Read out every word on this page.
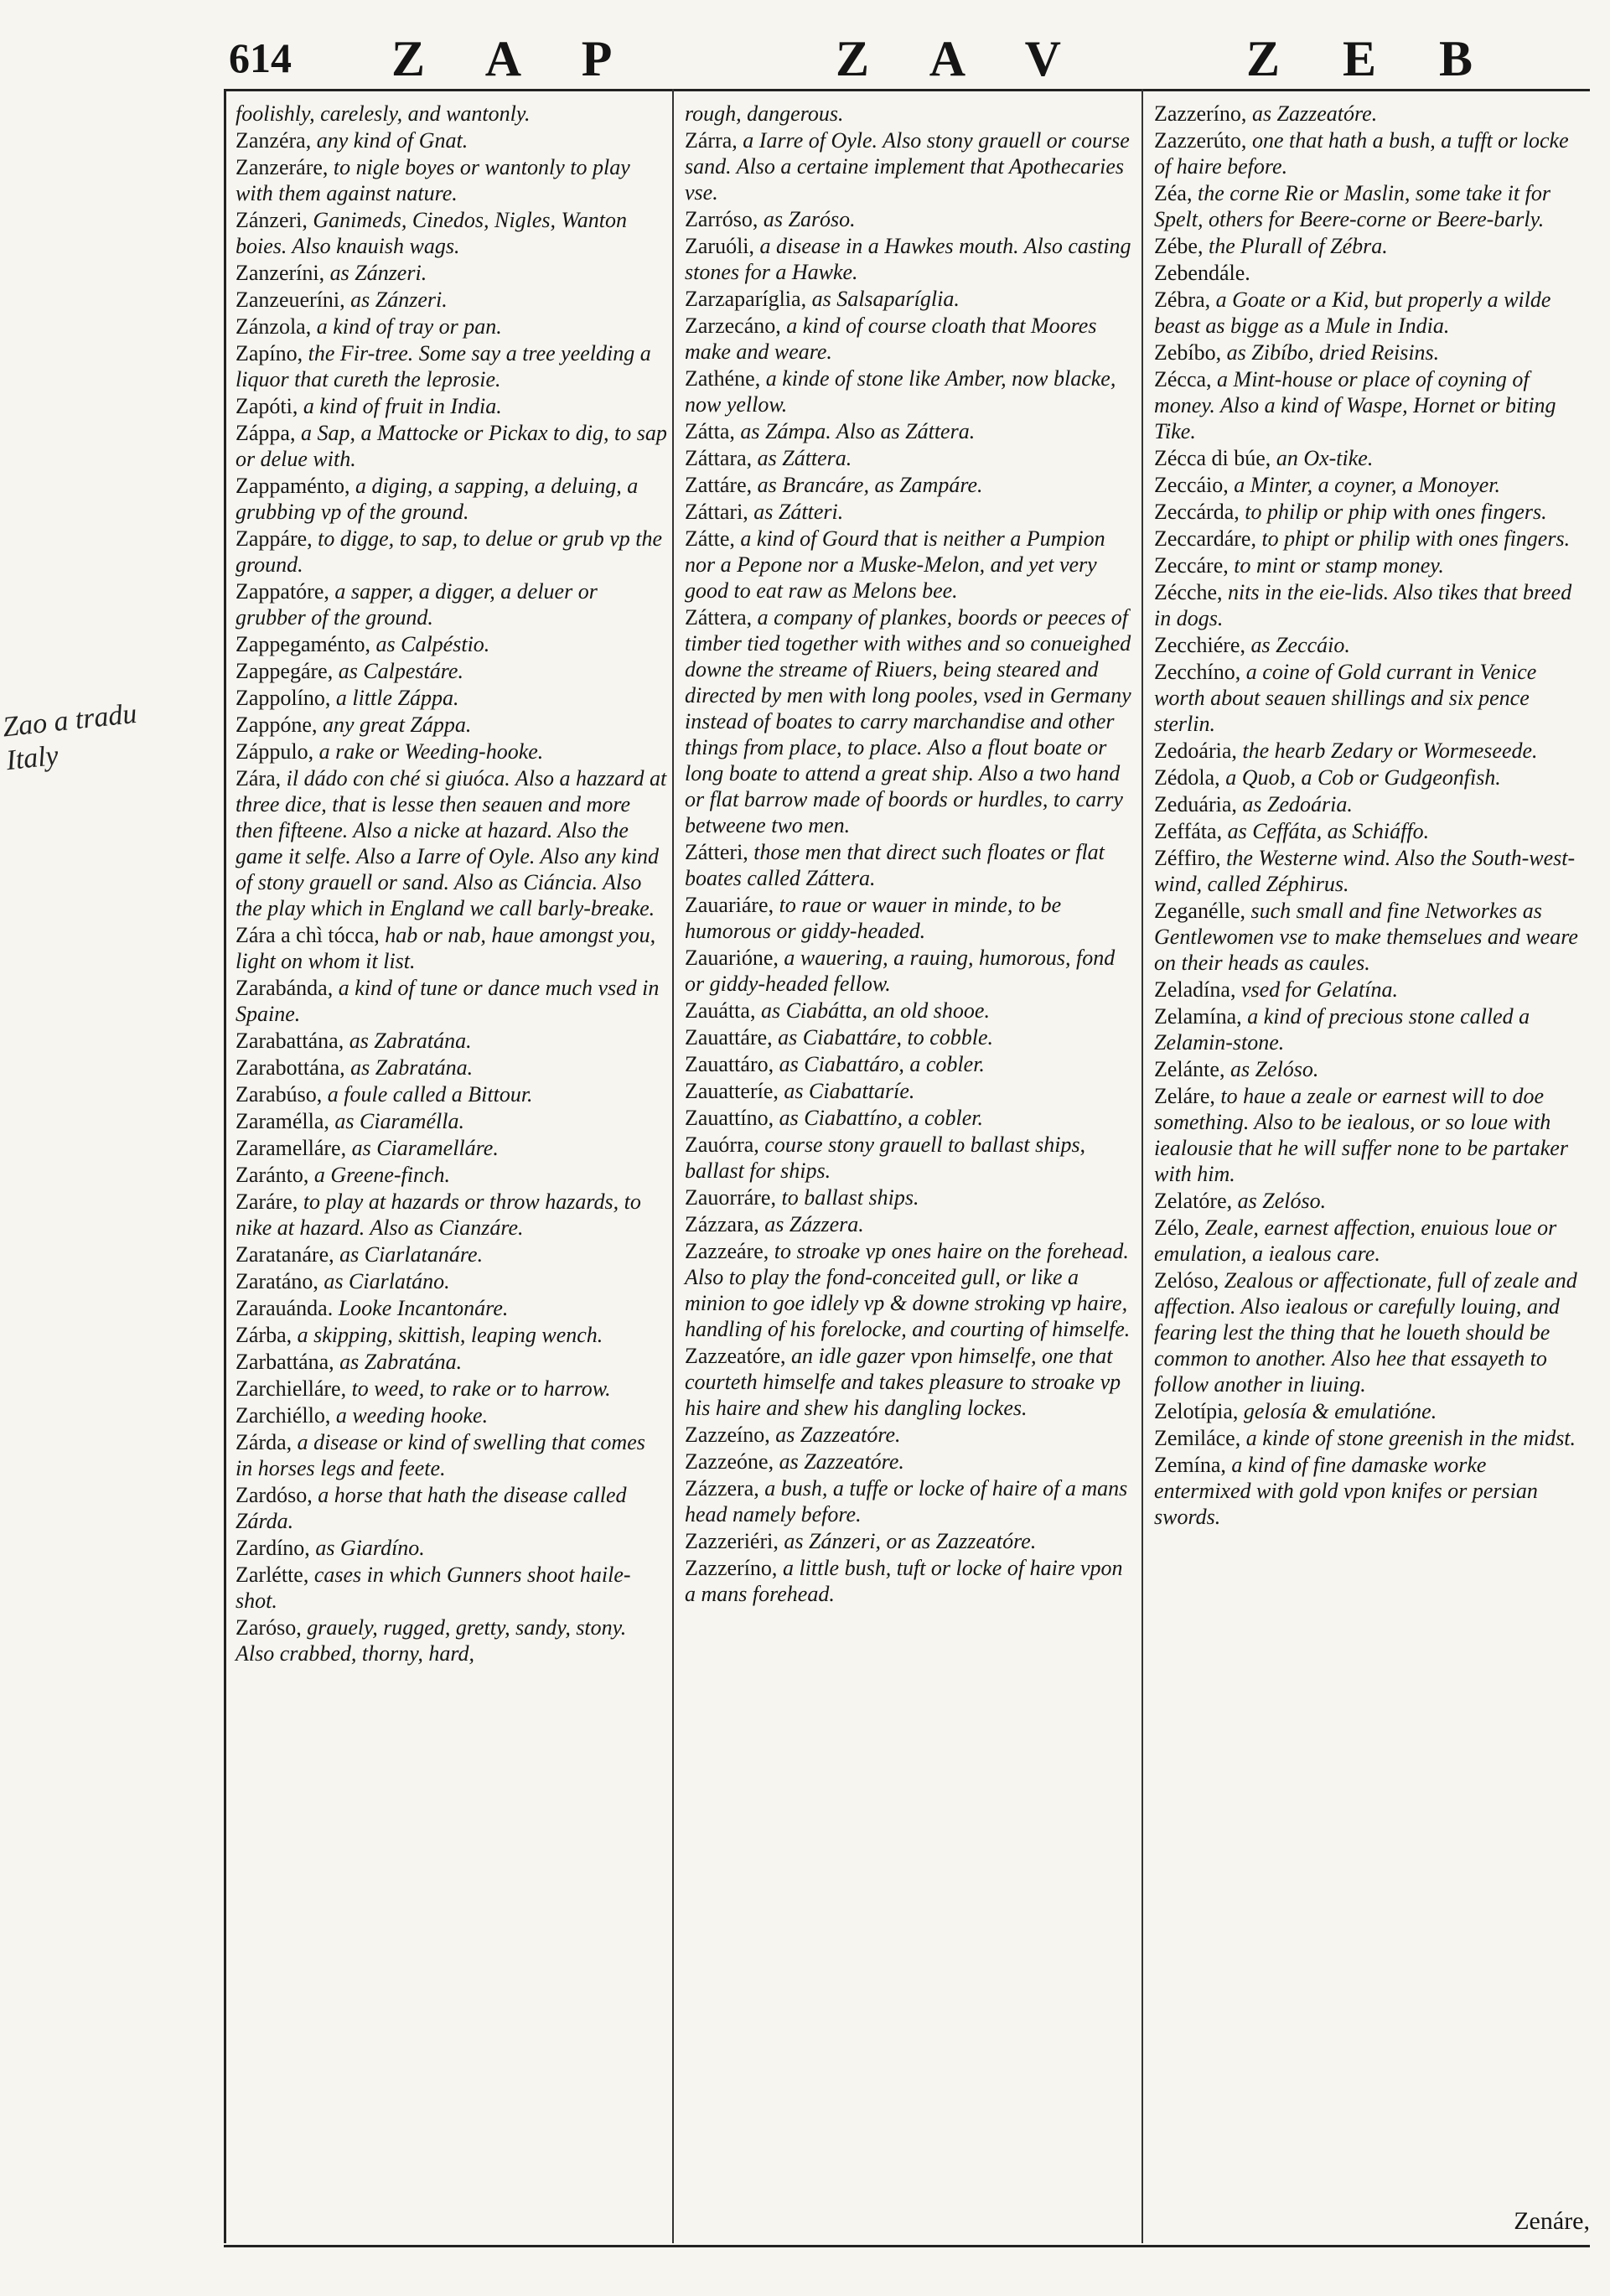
614 Z A P	Z A V	Z E B
foolishly, carelesly, and wantonly.
Zanzéra, any kind of Gnat.
Zanzeráre, to nigle boyes or wantonly to play with them against nature.
Zánzeri, Ganimeds, Cinedos, Nigles, Wanton boies. Also knauish wags.
Zanzeríni, as Zánzeri.
Zanzeueríni, as Zánzeri.
Zánzola, a kind of tray or pan.
Zapíno, the Fir-tree. Some say a tree yeelding a liquor that cureth the leprosie.
Zapóti, a kind of fruit in India.
Záppa, a Sap, a Mattocke or Pickax to dig, to sap or delue with.
Zappaménto, a diging, a sapping, a deluing, a grubbing vp of the ground.
Zappáre, to digge, to sap, to delue or grub vp the ground.
Zappatóre, a sapper, a digger, a deluer or grubber of the ground.
Zappegaménto, as Calpéstio.
Zappegáre, as Calpestáre.
Zappolíno, a little Záppa.
Zappóne, any great Záppa.
Záppulo, a rake or Weeding-hooke.
Zára, il dádo con ché si giuóca. Also a hazzard at three dice, that is lesse then seauen and more then fifteene. Also a nicke at hazard. Also the game it selfe. Also a Iarre of Oyle. Also any kind of stony grauell or sand. Also as Ciáncia. Also the play which in England we call barly-breake.
Zára a chì tócca, hab or nab, haue amongst you, light on whom it list.
Zarabánda, a kind of tune or dance much vsed in Spaine.
Zarabattána, as Zabratána.
Zarabottána, as Zabratána.
Zarabúso, a foule called a Bittour.
Zaramélla, as Ciaramélla.
Zaramelláre, as Ciaramelláre.
Zaránto, a Greene-finch.
Zaráre, to play at hazards or throw hazards, to nike at hazard. Also as Cianzáre.
Zaratanáre, as Ciarlatanáre.
Zaratáno, as Ciarlatáno.
Zarauánda. Looke Incantonáre.
Zárba, a skipping, skittish, leaping wench.
Zarbattána, as Zabratána.
Zarchielláre, to weed, to rake or to harrow.
Zarchiéllo, a weeding hooke.
Zárda, a disease or kind of swelling that comes in horses legs and feete.
Zardóso, a horse that hath the disease called Zárda.
Zardíno, as Giardíno.
Zarlétte, cases in which Gunners shoot haile-shot.
Zaróso, grauely, rugged, gretty, sandy, stony. Also crabbed, thorny, hard,
rough, dangerous.
Zárra, a Iarre of Oyle. Also stony grauell or course sand. Also a certaine implement that Apothecaries vse.
Zarróso, as Zaróso.
Zaruóli, a disease in a Hawkes mouth. Also casting stones for a Hawke.
Zarzaparíglia, as Salsaparíglia.
Zarzecáno, a kind of course cloath that Moores make and weare.
Zathéne, a kinde of stone like Amber, now blacke, now yellow.
Zátta, as Zámpa. Also as Záttera.
Záttara, as Záttera.
Zattáre, as Brancáre, as Zampáre.
Záttari, as Zátteri.
Zátte, a kind of Gourd that is neither a Pumpion nor a Pepone nor a Muske-Melon, and yet very good to eat raw as Melons bee.
Záttera, a company of plankes, boords or peeces of timber tied together with withes and so conueighed downe the streame of Riuers, being steared and directed by men with long pooles, vsed in Germany instead of boates to carry marchandise and other things from place, to place. Also a flout boate or long boate to attend a great ship. Also a two hand or flat barrow made of boords or hurdles, to carry betweene two men.
Zátteri, those men that direct such floates or flat boates called Záttera.
Zauariáre, to raue or wauer in minde, to be humorous or giddy-headed.
Zauarióne, a wauering, a rauing, humorous, fond or giddy-headed fellow.
Zauátta, as Ciabátta, an old shooe.
Zauattáre, as Ciabattáre, to cobble.
Zauattáro, as Ciabattáro, a cobler.
Zauatteríe, as Ciabattaríe.
Zauattíno, as Ciabattíno, a cobler.
Zauórra, course stony grauell to ballast ships, ballast for ships.
Zauorráre, to ballast ships.
Zázzara, as Zázzera.
Zazzeáre, to stroake vp ones haire on the forehead. Also to play the fond-conceited gull, or like a minion to goe idlely vp & downe stroking vp haire, handling of his forelocke, and courting of himselfe.
Zazzeatóre, an idle gazer vpon himselfe, one that courteth himselfe and takes pleasure to stroake vp his haire and shew his dangling lockes.
Zazzeíno, as Zazzeatóre.
Zazzeóne, as Zazzeatóre.
Zázzera, a bush, a tuffe or locke of haire of a mans head namely before.
Zazzeriéri, as Zánzeri, or as Zazzeatóre.
Zazzeríno, a little bush, tuft or locke of haire vpon a mans forehead.
Zazzeríno, as Zazzeatóre.
Zazzerúto, one that hath a bush, a tufft or locke of haire before.
Zéa, the corne Rie or Maslin, some take it for Spelt, others for Beere-corne or Beere-barly.
Zébe, the Plurall of Zébra.
Zebendále.
Zébra, a Goate or a Kid, but properly a wilde beast as bigge as a Mule in India.
Zebíbo, as Zibíbo, dried Reisins.
Zécca, a Mint-house or place of coyning of money. Also a kind of Waspe, Hornet or biting Tike.
Zécca di búe, an Ox-tike.
Zeccáio, a Minter, a coyner, a Monoyer.
Zeccárda, to philip or phip with ones fingers.
Zeccardáre, to phipt or philip with ones fingers.
Zeccáre, to mint or stamp money.
Zécche, nits in the eie-lids. Also tikes that breed in dogs.
Zecchiére, as Zeccáio.
Zecchíno, a coine of Gold currant in Venice worth about seauen shillings and six pence sterlin.
Zedoária, the hearb Zedary or Wormeseede.
Zédola, a Quob, a Cob or Gudgeonfish.
Zeduária, as Zedoária.
Zeffáta, as Ceffáta, as Schiáffo.
Zéffiro, the Westerne wind. Also the South-west-wind, called Zéphirus.
Zeganélle, such small and fine Networkes as Gentlewomen vse to make themselues and weare on their heads as caules.
Zeladína, vsed for Gelatína.
Zelamína, a kind of precious stone called a Zelamin-stone.
Zelánte, as Zelóso.
Zeláre, to haue a zeale or earnest will to doe something. Also to be iealous, or so loue with iealousie that he will suffer none to be partaker with him.
Zelatóre, as Zelóso.
Zélo, Zeale, earnest affection, enuious loue or emulation, a iealous care.
Zelóso, Zealous or affectionate, full of zeale and affection. Also iealous or carefully louing, and fearing lest the thing that he loueth should be common to another. Also hee that essayeth to follow another in liuing.
Zelotípia, gelosía & emulatióne.
Zemiláce, a kinde of stone greenish in the midst.
Zemína, a kind of fine damaske worke entermixed with gold vpon knifes or persian swords.
Zenáre,
Zao a tradu
Italy
